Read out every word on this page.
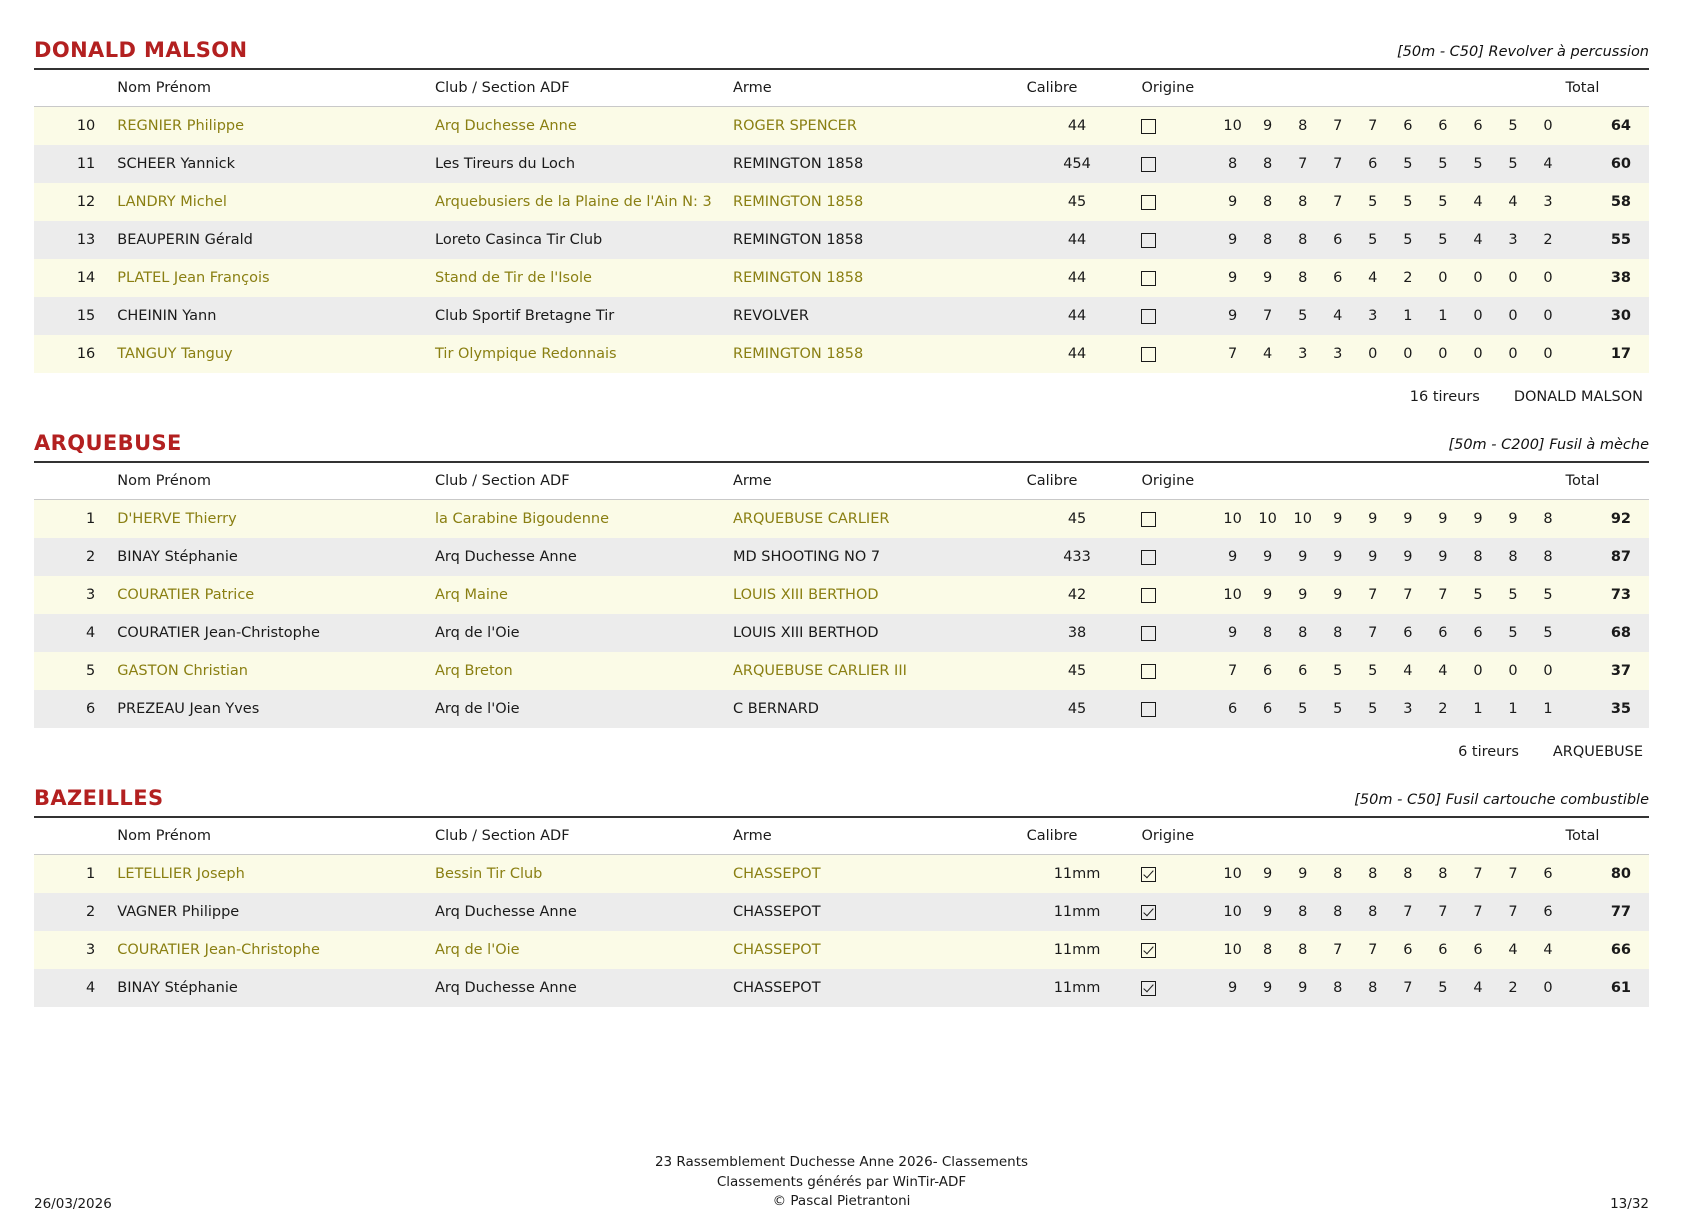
DONALD MALSON	[50m - C50] Revolver à percussion
	Nom Prénom	Club / Section ADF	Arme	Calibre	Origine											Total
10	REGNIER Philippe	Arq Duchesse Anne	ROGER SPENCER	44		10	9	8	7	7	6	6	6	5	0	64
11	SCHEER Yannick	Les Tireurs du Loch	REMINGTON 1858	454		8	8	7	7	6	5	5	5	5	4	60
12	LANDRY Michel	Arquebusiers de la Plaine de l'Ain N: 3	REMINGTON 1858	45		9	8	8	7	5	5	5	4	4	3	58
13	BEAUPERIN Gérald	Loreto Casinca Tir Club	REMINGTON 1858	44		9	8	8	6	5	5	5	4	3	2	55
14	PLATEL Jean François	Stand de Tir de l'Isole	REMINGTON 1858	44		9	9	8	6	4	2	0	0	0	0	38
15	CHEININ Yann	Club Sportif Bretagne Tir	REVOLVER	44		9	7	5	4	3	1	1	0	0	0	30
16	TANGUY Tanguy	Tir Olympique Redonnais	REMINGTON 1858	44		7	4	3	3	0	0	0	0	0	0	17
16 tireurs DONALD MALSON
ARQUEBUSE	[50m - C200] Fusil à mèche
	Nom Prénom	Club / Section ADF	Arme	Calibre	Origine											Total
1	D'HERVE Thierry	la Carabine Bigoudenne	ARQUEBUSE CARLIER	45		10	10	10	9	9	9	9	9	9	8	92
2	BINAY Stéphanie	Arq Duchesse Anne	MD SHOOTING NO 7	433		9	9	9	9	9	9	9	8	8	8	87
3	COURATIER Patrice	Arq Maine	LOUIS XIII BERTHOD	42		10	9	9	9	7	7	7	5	5	5	73
4	COURATIER Jean-Christophe	Arq de l'Oie	LOUIS XIII BERTHOD	38		9	8	8	8	7	6	6	6	5	5	68
5	GASTON Christian	Arq Breton	ARQUEBUSE CARLIER III	45		7	6	6	5	5	4	4	0	0	0	37
6	PREZEAU Jean Yves	Arq de l'Oie	C BERNARD	45		6	6	5	5	5	3	2	1	1	1	35
6 tireurs ARQUEBUSE
BAZEILLES	[50m - C50] Fusil cartouche combustible
	Nom Prénom	Club / Section ADF	Arme	Calibre	Origine											Total
1	LETELLIER Joseph	Bessin Tir Club	CHASSEPOT	11mm		10	9	9	8	8	8	8	7	7	6	80
2	VAGNER Philippe	Arq Duchesse Anne	CHASSEPOT	11mm		10	9	8	8	8	7	7	7	7	6	77
3	COURATIER Jean-Christophe	Arq de l'Oie	CHASSEPOT	11mm		10	8	8	7	7	6	6	6	4	4	66
4	BINAY Stéphanie	Arq Duchesse Anne	CHASSEPOT	11mm		9	9	9	8	8	7	5	4	2	0	61
26/03/2026
23 Rassemblement Duchesse Anne 2026- Classements
Classements générés par WinTir-ADF
© Pascal Pietrantoni	13/32
